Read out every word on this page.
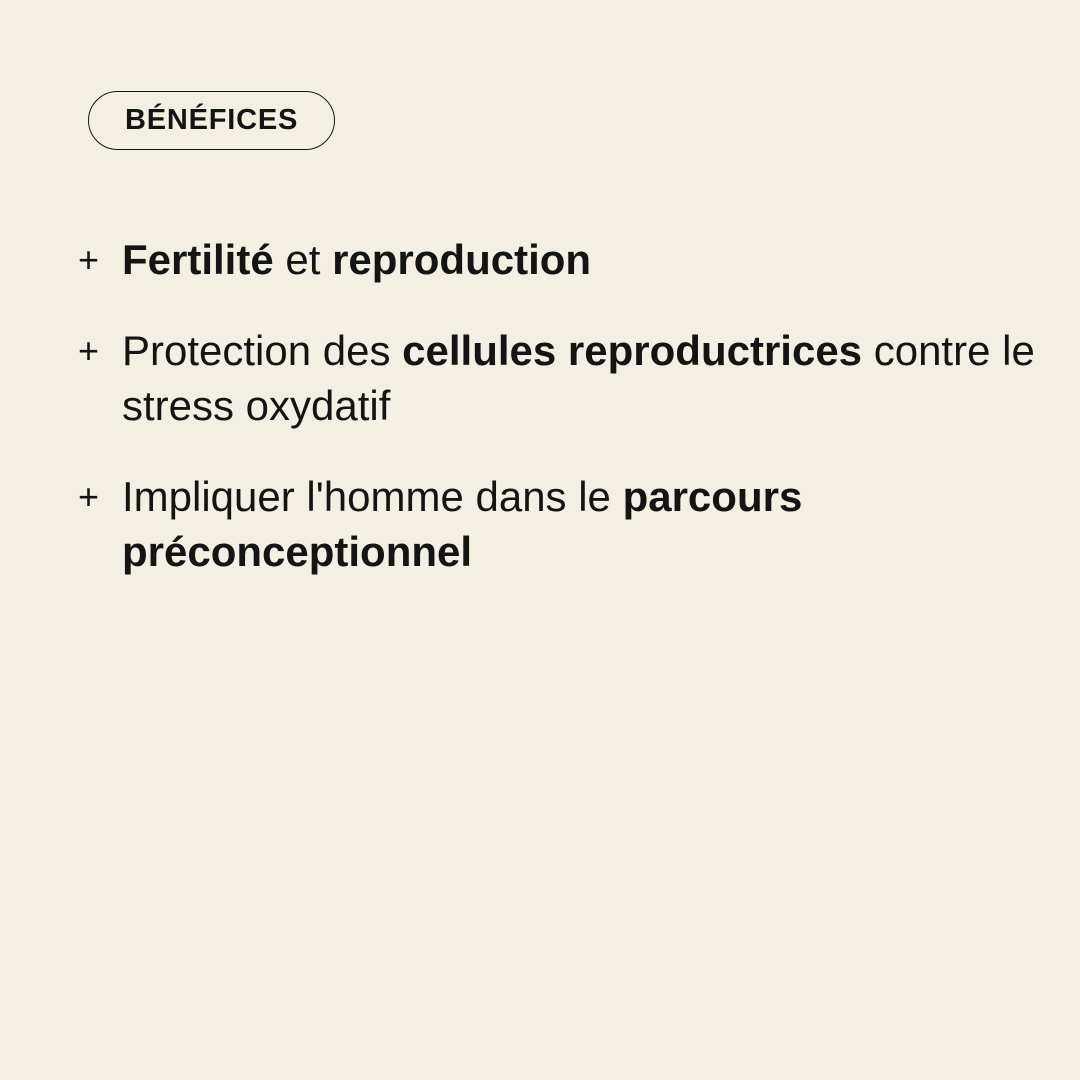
BÉNÉFICES
+ Fertilité et reproduction
+ Protection des cellules reproductrices contre le stress oxydatif
+ Impliquer l'homme dans le parcours préconceptionnel
